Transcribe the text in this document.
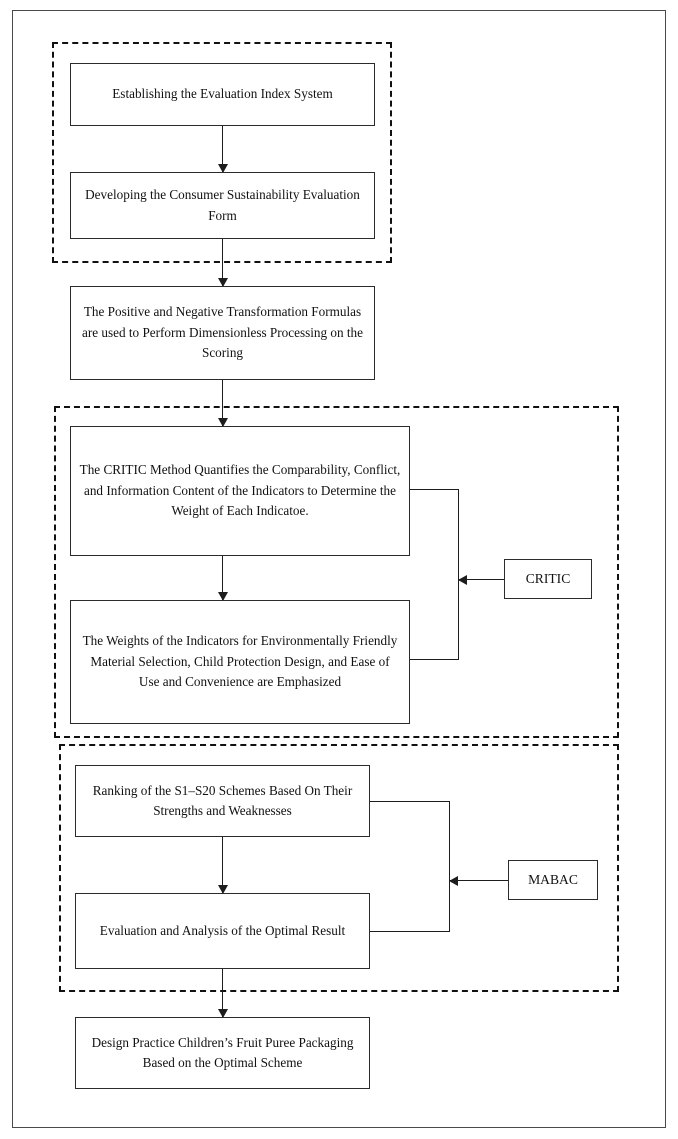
Establishing the Evaluation Index System
Developing the Consumer Sustainability Evaluation Form
The Positive and Negative Transformation Formulas are used to Perform Dimensionless Processing on the Scoring
The CRITIC Method Quantifies the Comparability, Conflict, and Information Content of the Indicators to Determine the Weight of Each Indicatoe.
The Weights of the Indicators for Environmentally Friendly Material Selection, Child Protection Design, and Ease of Use and Convenience are Emphasized
CRITIC
Ranking of the S1–S20 Schemes Based On Their Strengths and Weaknesses
Evaluation and Analysis of the Optimal Result
MABAC
Design Practice Children’s Fruit Puree Packaging Based on the Optimal Scheme
